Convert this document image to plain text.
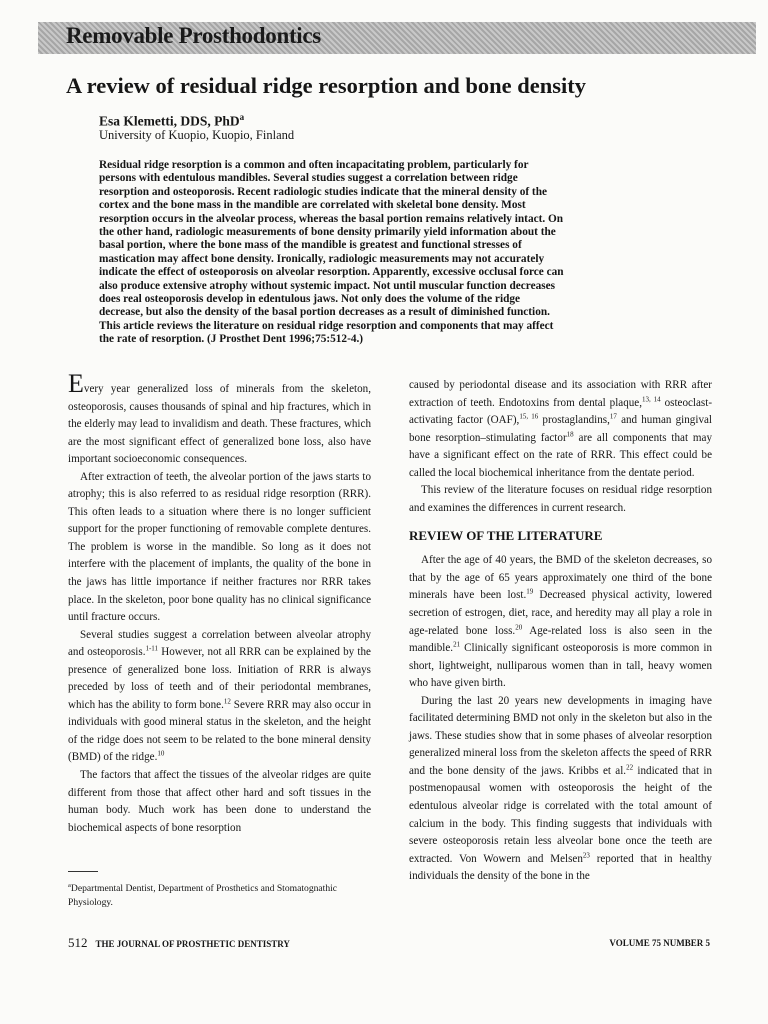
Removable Prosthodontics
A review of residual ridge resorption and bone density
Esa Klemetti, DDS, PhD$^a$
University of Kuopio, Kuopio, Finland
Residual ridge resorption is a common and often incapacitating problem, particularly for persons with edentulous mandibles. Several studies suggest a correlation between ridge resorption and osteoporosis. Recent radiologic studies indicate that the mineral density of the cortex and the bone mass in the mandible are correlated with skeletal bone density. Most resorption occurs in the alveolar process, whereas the basal portion remains relatively intact. On the other hand, radiologic measurements of bone density primarily yield information about the basal portion, where the bone mass of the mandible is greatest and functional stresses of mastication may affect bone density. Ironically, radiologic measurements may not accurately indicate the effect of osteoporosis on alveolar resorption. Apparently, excessive occlusal force can also produce extensive atrophy without systemic impact. Not until muscular function decreases does real osteoporosis develop in edentulous jaws. Not only does the volume of the ridge decrease, but also the density of the basal portion decreases as a result of diminished function. This article reviews the literature on residual ridge resorption and components that may affect the rate of resorption. (J Prosthet Dent 1996;75:512-4.)

Every year generalized loss of minerals from the skeleton, osteoporosis, causes thousands of spinal and hip fractures, which in the elderly may lead to invalidism and death. These fractures, which are the most significant effect of generalized bone loss, also have important socioeconomic consequences.

After extraction of teeth, the alveolar portion of the jaws starts to atrophy; this is also referred to as residual ridge resorption (RRR). This often leads to a situation where there is no longer sufficient support for the proper functioning of removable complete dentures. The problem is worse in the mandible. So long as it does not interfere with the placement of implants, the quality of the bone in the jaws has little importance if neither fractures nor RRR takes place. In the skeleton, poor bone quality has no clinical significance until fracture occurs.

Several studies suggest a correlation between alveolar atrophy and osteoporosis.$^{1-11}$ However, not all RRR can be explained by the presence of generalized bone loss. Initiation of RRR is always preceded by loss of teeth and of their periodontal membranes, which has the ability to form bone.$^{12}$ Severe RRR may also occur in individuals with good mineral status in the skeleton, and the height of the ridge does not seem to be related to the bone mineral density (BMD) of the ridge.$^{10}$

The factors that affect the tissues of the alveolar ridges are quite different from those that affect other hard and soft tissues in the human body. Much work has been done to understand the biochemical aspects of bone resorption

caused by periodontal disease and its association with RRR after extraction of teeth. Endotoxins from dental plaque,$^{13, 14}$ osteoclast-activating factor (OAF),$^{15, 16}$ prostaglandins,$^{17}$ and human gingival bone resorption–stimulating factor$^{18}$ are all components that may have a significant effect on the rate of RRR. This effect could be called the local biochemical inheritance from the dentate period.

This review of the literature focuses on residual ridge resorption and examines the differences in current research.

REVIEW OF THE LITERATURE

After the age of 40 years, the BMD of the skeleton decreases, so that by the age of 65 years approximately one third of the bone minerals have been lost.$^{19}$ Decreased physical activity, lowered secretion of estrogen, diet, race, and heredity may all play a role in age-related bone loss.$^{20}$ Age-related loss is also seen in the mandible.$^{21}$ Clinically significant osteoporosis is more common in short, lightweight, nulliparous women than in tall, heavy women who have given birth.

During the last 20 years new developments in imaging have facilitated determining BMD not only in the skeleton but also in the jaws. These studies show that in some phases of alveolar resorption generalized mineral loss from the skeleton affects the speed of RRR and the bone density of the jaws. Kribbs et al.$^{22}$ indicated that in postmenopausal women with osteoporosis the height of the edentulous alveolar ridge is correlated with the total amount of calcium in the body. This finding suggests that individuals with severe osteoporosis retain less alveolar bone once the teeth are extracted. Von Wowern and Melsen$^{23}$ reported that in healthy individuals the density of the bone in the

$^a$Departmental Dentist, Department of Prosthetics and Stomatognathic Physiology.
512 THE JOURNAL OF PROSTHETIC DENTISTRY	VOLUME 75 NUMBER 5
